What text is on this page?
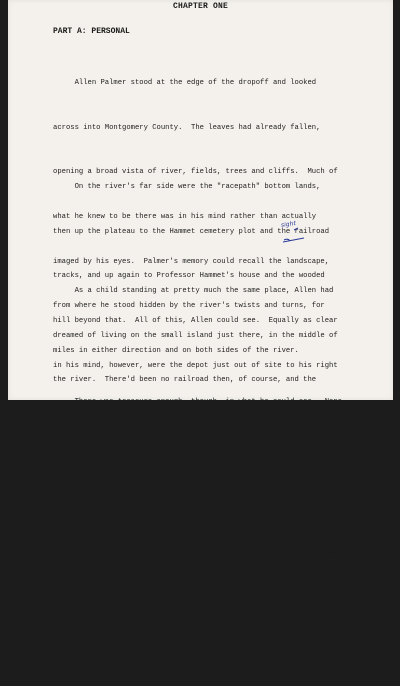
CHAPTER ONE
PART A: PERSONAL

Allen Palmer stood at the edge of the dropoff and looked

across into Montgomery County.  The leaves had already fallen,

opening a broad vista of river, fields, trees and cliffs.  Much of

what he knew to be there was in his mind rather than actually

imaged by his eyes.  Palmer's memory could recall the landscape,

from where he stood hidden by the river's twists and turns, for

miles in either direction and on both sides of the river.

On the river's far side were the "racepath" bottom lands,

then up the plateau to the Hammet cemetery plot and the railroad

tracks, and up again to Professor Hammet's house and the wooded

hill beyond that.  All of this, Allen could see.  Equally as clear

in his mind, however, were the depot just out of site to his right

and the Peppers' fields and ferry down the river to his left.

As a child standing at pretty much the same place, Allen had

dreamed of living on the small island just there, in the middle of

the river.  There'd been no railroad then, of course, and the

Craigs, not the Hammets, had owned the land.  Allen could have

caught fish for his dinner, watched the white folks race their

horses, and, when no one was looking, searched the cliffs for

caves, perhaps even find buried treasure.  Did Indians leave buried

treasure behind?  As a child, Allen had been pretty sure they did;

as an adult, he thought maybe not.

There was treasure enough, though, in what he could see.  None

sight
